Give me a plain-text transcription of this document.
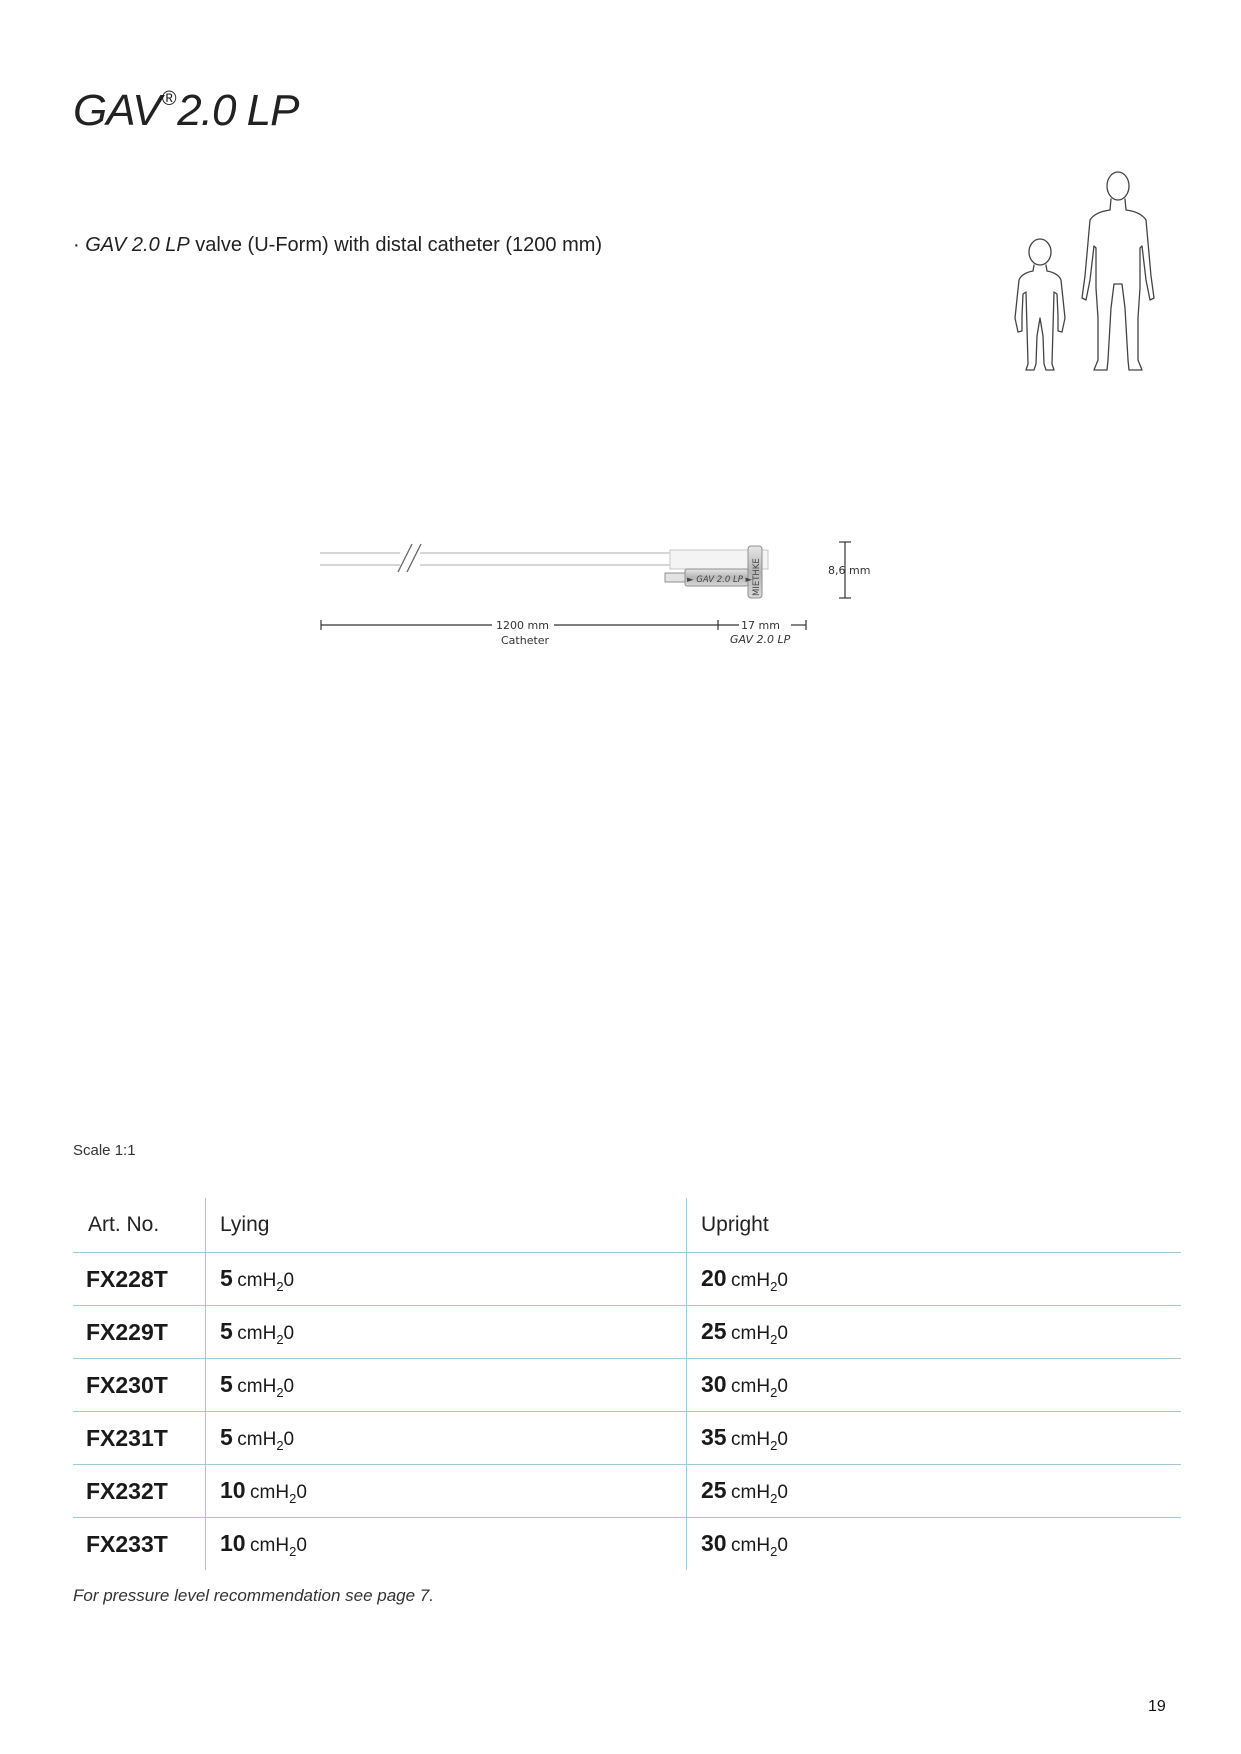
GAV®2.0 LP
· GAV 2.0 LP valve (U-Form) with distal catheter (1200 mm)
► GAV 2.0 LP ► MIETHKE	8,6 mm
1200 mm
Catheter
17 mm
GAV 2.0 LP
Scale 1:1
Art. No.	Lying	Upright
FX228T	5 cmH$_2$0	20 cmH$_2$0
FX229T	5 cmH$_2$0	25 cmH$_2$0
FX230T	5 cmH$_2$0	30 cmH$_2$0
FX231T	5 cmH$_2$0	35 cmH$_2$0
FX232T	10 cmH$_2$0	25 cmH$_2$0
FX233T	10 cmH$_2$0	30 cmH$_2$0
For pressure level recommendation see page 7.
19
